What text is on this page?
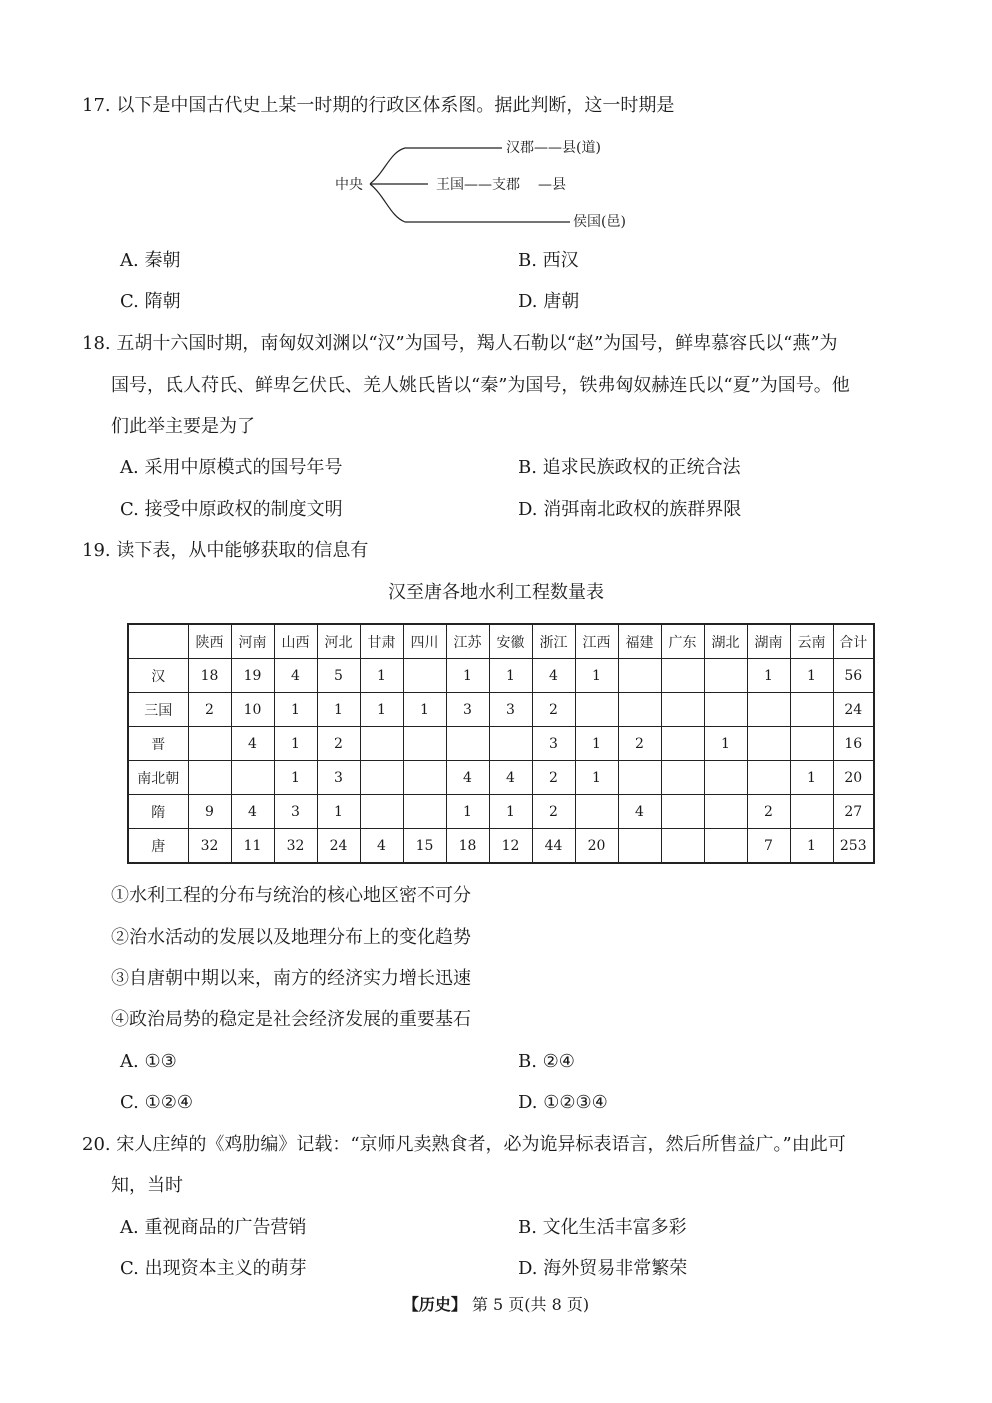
17. 以下是中国古代史上某一时期的行政区体系图。据此判断，这一时期是
中央
汉郡——县(道)
王国——支郡 —县
侯国(邑)
A. 秦朝	B. 西汉
C. 隋朝	D. 唐朝
18. 五胡十六国时期，南匈奴刘渊以“汉”为国号，羯人石勒以“赵”为国号，鲜卑慕容氏以“燕”为
国号，氐人苻氏、鲜卑乞伏氏、羌人姚氏皆以“秦”为国号，铁弗匈奴赫连氏以“夏”为国号。他
们此举主要是为了
A. 采用中原模式的国号年号	B. 追求民族政权的正统合法
C. 接受中原政权的制度文明	D. 消弭南北政权的族群界限
19. 读下表，从中能够获取的信息有
汉至唐各地水利工程数量表
	陕西	河南	山西	河北	甘肃	四川	江苏	安徽	浙江	江西	福建	广东	湖北	湖南	云南	合计
汉	18	19	4	5	1		1	1	4	1				1	1	56
三国	2	10	1	1	1	1	3	3	2							24
晋		4	1	2					3	1	2		1			16
南北朝			1	3			4	4	2	1					1	20
隋	9	4	3	1			1	1	2		4			2		27
唐	32	11	32	24	4	15	18	12	44	20				7	1	253
①水利工程的分布与统治的核心地区密不可分
②治水活动的发展以及地理分布上的变化趋势
③自唐朝中期以来，南方的经济实力增长迅速
④政治局势的稳定是社会经济发展的重要基石
A. ①③	B. ②④
C. ①②④	D. ①②③④
20. 宋人庄绰的《鸡肋编》记载：“京师凡卖熟食者，必为诡异标表语言，然后所售益广。”由此可
知，当时
A. 重视商品的广告营销	B. 文化生活丰富多彩
C. 出现资本主义的萌芽	D. 海外贸易非常繁荣
【历史】 第 5 页(共 8 页)
